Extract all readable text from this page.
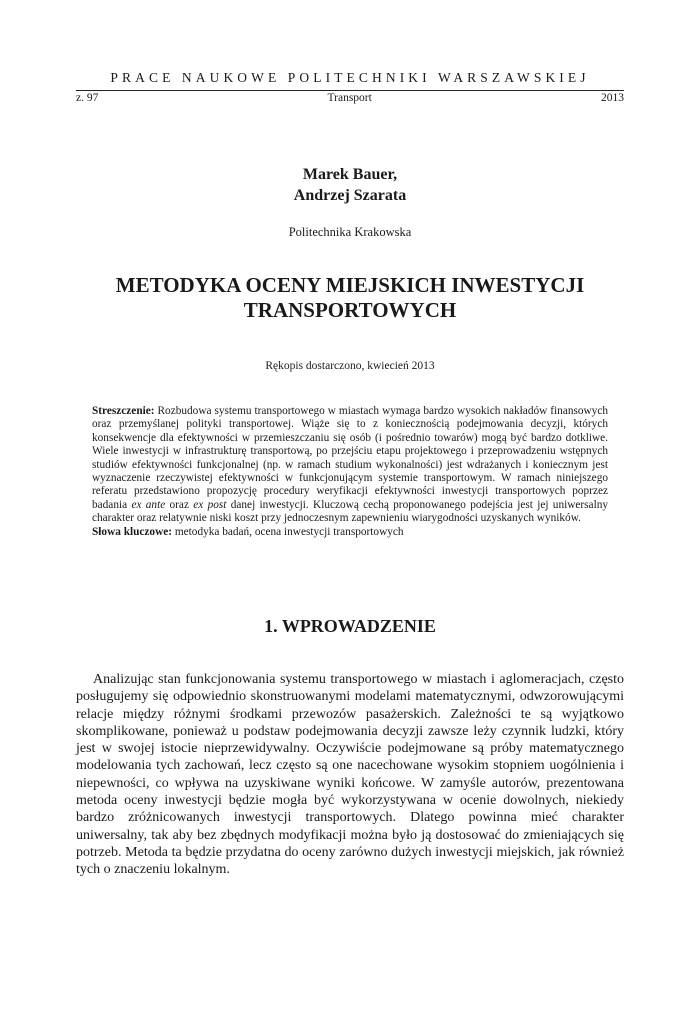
PRACE NAUKOWE POLITECHNIKI WARSZAWSKIEJ
z. 97	Transport	2013
Marek Bauer,
Andrzej Szarata
Politechnika Krakowska
METODYKA OCENY MIEJSKICH INWESTYCJI
TRANSPORTOWYCH
Rękopis dostarczono, kwiecień 2013

Streszczenie: Rozbudowa systemu transportowego w miastach wymaga bardzo wysokich nakładów finansowych oraz przemyślanej polityki transportowej. Wiąże się to z koniecznością podejmowania decyzji, których konsekwencje dla efektywności w przemieszczaniu się osób (i pośrednio towarów) mogą być bardzo dotkliwe. Wiele inwestycji w infrastrukturę transportową, po przejściu etapu projektowego i przeprowadzeniu wstępnych studiów efektywności funkcjonalnej (np. w ramach studium wykonalności) jest wdrażanych i koniecznym jest wyznaczenie rzeczywistej efektywności w funkcjonującym systemie transportowym. W ramach niniejszego referatu przedstawiono propozycję procedury weryfikacji efektywności inwestycji transportowych poprzez badania ex ante oraz ex post danej inwestycji. Kluczową cechą proponowanego podejścia jest jej uniwersalny charakter oraz relatywnie niski koszt przy jednoczesnym zapewnieniu wiarygodności uzyskanych wyników.

Słowa kluczowe: metodyka badań, ocena inwestycji transportowych

1. WPROWADZENIE

Analizując stan funkcjonowania systemu transportowego w miastach i aglomeracjach, często posługujemy się odpowiednio skonstruowanymi modelami matematycznymi, odwzorowującymi relacje między różnymi środkami przewozów pasażerskich. Zależności te są wyjątkowo skomplikowane, ponieważ u podstaw podejmowania decyzji zawsze leży czynnik ludzki, który jest w swojej istocie nieprzewidywalny. Oczywiście podejmowane są próby matematycznego modelowania tych zachowań, lecz często są one nacechowane wysokim stopniem uogólnienia i niepewności, co wpływa na uzyskiwane wyniki końcowe. W zamyśle autorów, prezentowana metoda oceny inwestycji będzie mogła być wykorzystywana w ocenie dowolnych, niekiedy bardzo zróżnicowanych inwestycji transportowych. Dlatego powinna mieć charakter uniwersalny, tak aby bez zbędnych modyfikacji można było ją dostosować do zmieniających się potrzeb. Metoda ta będzie przydatna do oceny zarówno dużych inwestycji miejskich, jak również tych o znaczeniu lokalnym.
